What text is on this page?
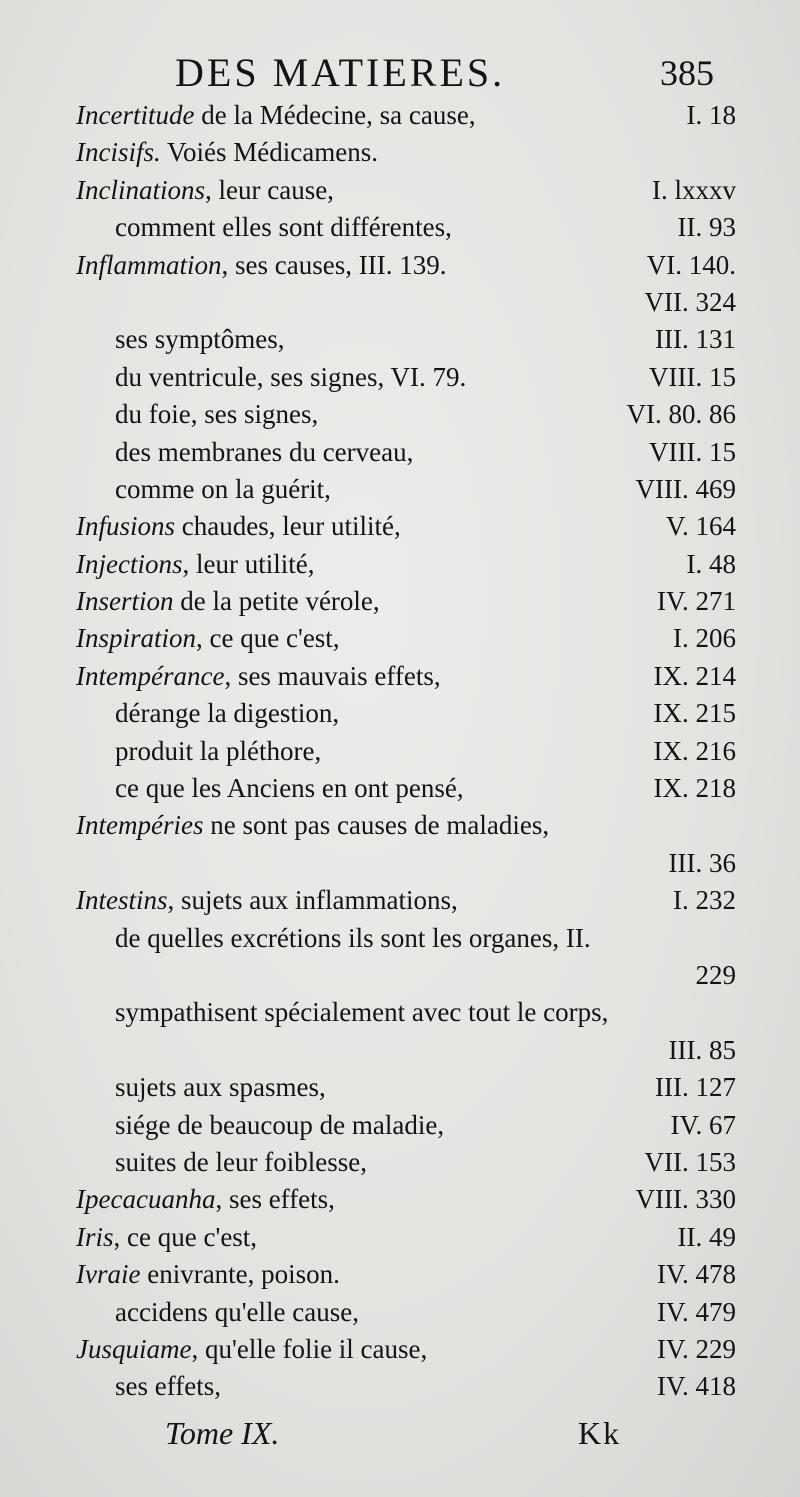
DES MATIERES.	385
Incertitude de la Médecine, sa cause,	I. 18
Incisifs. Voiés Médicamens.
Inclinations, leur cause,	I. lxxxv
comment elles sont différentes,	II. 93
Inflammation, ses causes, III. 139.	VI. 140.
VII. 324
ses symptômes,	III. 131
du ventricule, ses signes, VI. 79.	VIII. 15
du foie, ses signes,	VI. 80. 86
des membranes du cerveau,	VIII. 15
comme on la guérit,	VIII. 469
Infusions chaudes, leur utilité,	V. 164
Injections, leur utilité,	I. 48
Insertion de la petite vérole,	IV. 271
Inspiration, ce que c'est,	I. 206
Intempérance, ses mauvais effets,	IX. 214
dérange la digestion,	IX. 215
produit la pléthore,	IX. 216
ce que les Anciens en ont pensé,	IX. 218
Intempéries ne sont pas causes de maladies,
III. 36
Intestins, sujets aux inflammations,	I. 232
de quelles excrétions ils sont les organes, II.
229
sympathisent spécialement avec tout le corps,
III. 85
sujets aux spasmes,	III. 127
siége de beaucoup de maladie,	IV. 67
suites de leur foiblesse,	VII. 153
Ipecacuanha, ses effets,	VIII. 330
Iris, ce que c'est,	II. 49
Ivraie enivrante, poison.	IV. 478
accidens qu'elle cause,	IV. 479
Jusquiame, qu'elle folie il cause,	IV. 229
ses effets,	IV. 418
Tome IX.	Kk
